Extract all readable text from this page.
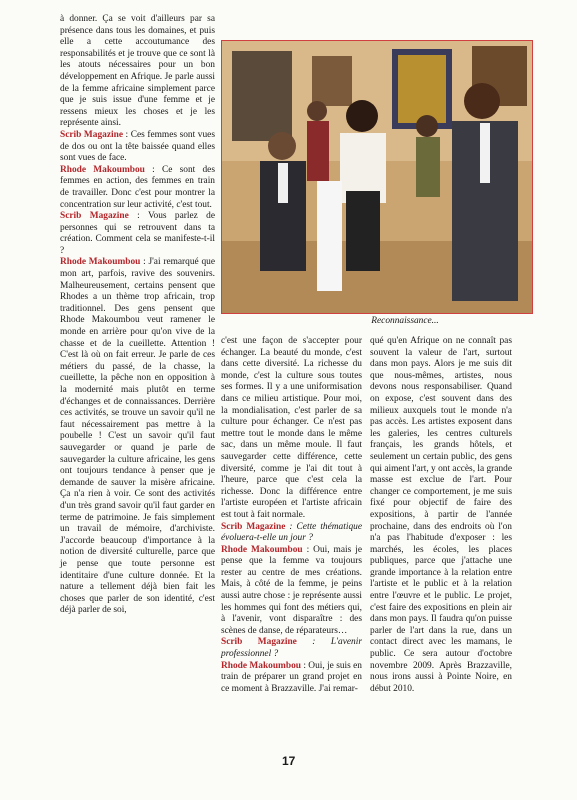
à donner. Ça se voit d'ailleurs par sa présence dans tous les domaines, et puis elle a cette accoutumance des responsabilités et je trouve que ce sont là les atouts nécessaires pour un bon développement en Afrique. Je parle aussi de la femme africaine simplement parce que je suis issue d'une femme et je ressens mieux les choses et je les représente ainsi.

Scrib Magazine : Ces femmes sont vues de dos ou ont la tête baissée quand elles sont vues de face.

Rhode Makoumbou : Ce sont des femmes en action, des femmes en train de travailler. Donc c'est pour montrer la concentration sur leur activité, c'est tout.

Scrib Magazine : Vous parlez de personnes qui se retrouvent dans ta création. Comment cela se manifeste-t-il ?

Rhode Makoumbou : J'ai remarqué que mon art, parfois, ravive des souvenirs. Malheureusement, certains pensent que Rhodes a un thème trop africain, trop traditionnel. Des gens pensent que Rhode Makoumbou veut ramener le monde en arrière pour qu'on vive de la chasse et de la cueillette. Attention ! C'est là où on fait erreur. Je parle de ces métiers du passé, de la chasse, la cueillette, la pêche non en opposition à la modernité mais plutôt en terme d'échanges et de connaissances. Derrière ces activités, se trouve un savoir qu'il ne faut nécessairement pas mettre à la poubelle ! C'est un savoir qu'il faut sauvegarder or quand je parle de sauvegarder la culture africaine, les gens ont toujours tendance à penser que je demande de sauver la misère africaine. Ça n'a rien à voir. Ce sont des activités d'un très grand savoir qu'il faut garder en terme de patrimoine. Je fais simplement un travail de mémoire, d'archiviste. J'accorde beaucoup d'importance à la notion de diversité culturelle, parce que je pense que toute personne est identitaire d'une culture donnée. Et la nature a tellement déjà bien fait les choses que parler de son identité, c'est déjà parler de soi,

Reconnaissance...

c'est une façon de s'accepter pour échanger. La beauté du monde, c'est dans cette diversité. La richesse du monde, c'est la culture sous toutes ses formes. Il y a une uniformisation dans ce milieu artistique. Pour moi, la mondialisation, c'est parler de sa culture pour échanger. Ce n'est pas mettre tout le monde dans le même sac, dans un même moule. Il faut sauvegarder cette différence, cette diversité, comme je l'ai dit tout à l'heure, parce que c'est cela la richesse. Donc la différence entre l'artiste européen et l'artiste africain est tout à fait normale.

Scrib Magazine : Cette thématique évoluera-t-elle un jour ?

Rhode Makoumbou : Oui, mais je pense que la femme va toujours rester au centre de mes créations. Mais, à côté de la femme, je peins aussi autre chose : je représente aussi les hommes qui font des métiers qui, à l'avenir, vont disparaître : des scènes de danse, de réparateurs…

Scrib Magazine : L'avenir professionnel ?

Rhode Makoumbou : Oui, je suis en train de préparer un grand projet en ce moment à Brazzaville. J'ai remar-

qué qu'en Afrique on ne connaît pas souvent la valeur de l'art, surtout dans mon pays. Alors je me suis dit que nous-mêmes, artistes, nous devons nous responsabiliser. Quand on expose, c'est souvent dans des milieux auxquels tout le monde n'a pas accès. Les artistes exposent dans les galeries, les centres culturels français, les grands hôtels, et seulement un certain public, des gens qui aiment l'art, y ont accès, la grande masse est exclue de l'art. Pour changer ce comportement, je me suis fixé pour objectif de faire des expositions, à partir de l'année prochaine, dans des endroits où l'on n'a pas l'habitude d'exposer : les marchés, les écoles, les places publiques, parce que j'attache une grande importance à la relation entre l'artiste et le public et à la relation entre l'œuvre et le public. Le projet, c'est faire des expositions en plein air dans mon pays. Il faudra qu'on puisse parler de l'art dans la rue, dans un contact direct avec les mamans, le public. Ce sera autour d'octobre novembre 2009. Après Brazzaville, nous irons aussi à Pointe Noire, en début 2010.

17
